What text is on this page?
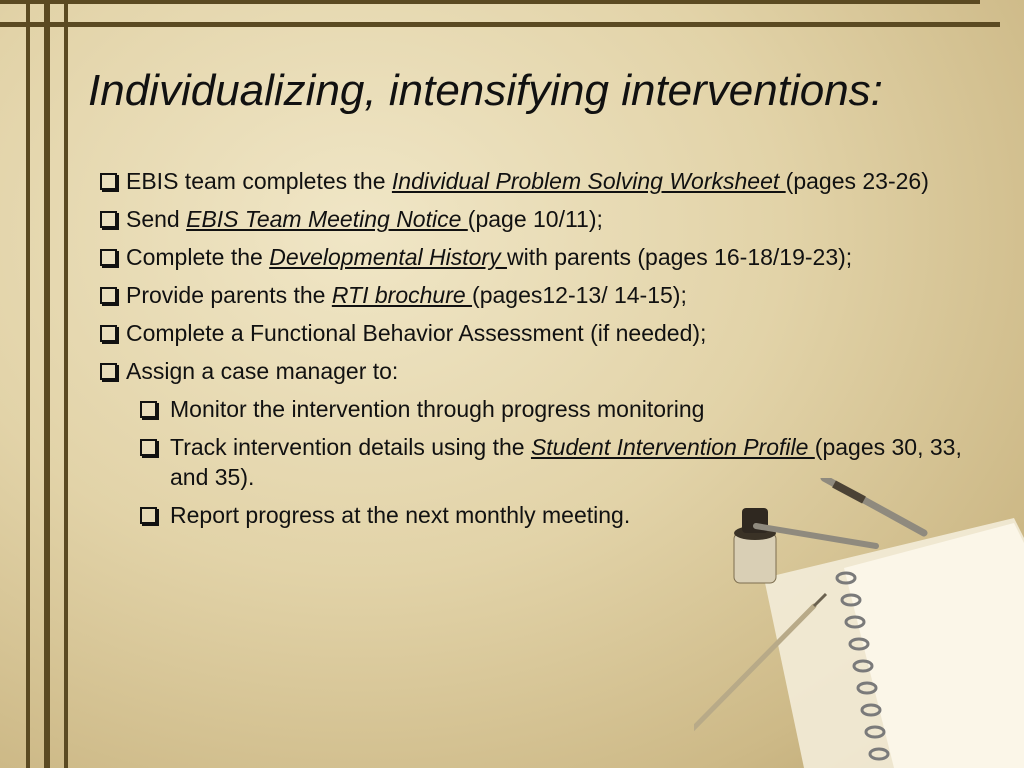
Individualizing, intensifying interventions:
EBIS team completes the Individual Problem Solving Worksheet (pages 23-26)
Send EBIS Team Meeting Notice (page 10/11);
Complete the Developmental History with parents (pages 16-18/19-23);
Provide parents the RTI brochure (pages12-13/ 14-15);
Complete a Functional Behavior Assessment (if needed);
Assign a case manager to:
Monitor the intervention through progress monitoring
Track intervention details using the Student Intervention Profile (pages 30, 33, and 35).
Report progress at the next monthly meeting.
